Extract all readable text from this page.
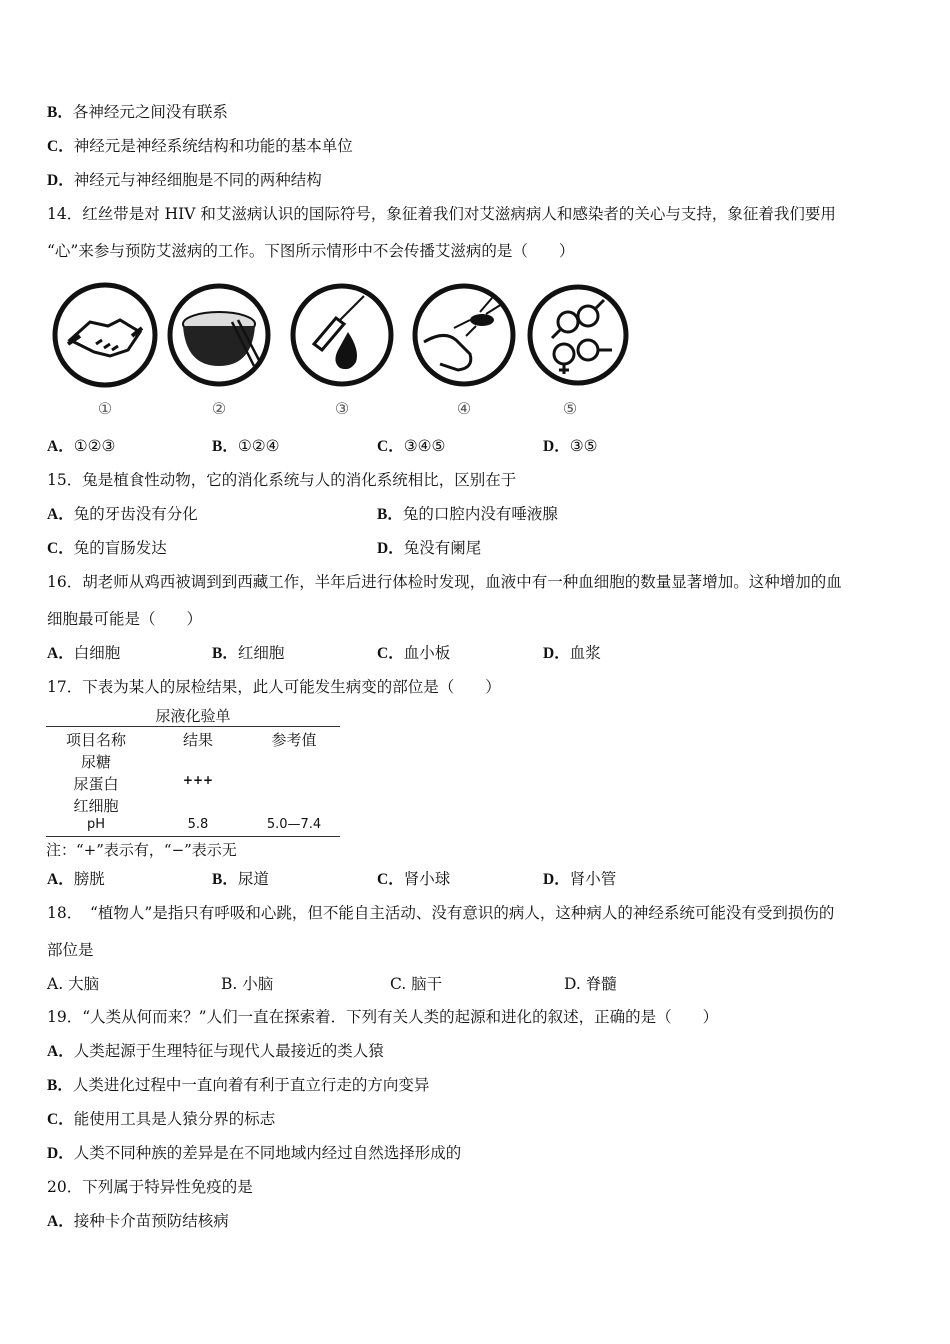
B．各神经元之间没有联系
C．神经元是神经系统结构和功能的基本单位
D．神经元与神经细胞是不同的两种结构
14．红丝带是对 HIV 和艾滋病认识的国际符号，象征着我们对艾滋病病人和感染者的关心与支持，象征着我们要用
“心”来参与预防艾滋病的工作。下图所示情形中不会传播艾滋病的是（　　）
①	②	③	④	⑤
A．①②③	B．①②④	C．③④⑤	D．③⑤
15．兔是植食性动物，它的消化系统与人的消化系统相比，区别在于
A．兔的牙齿没有分化	B．兔的口腔内没有唾液腺
C．兔的盲肠发达	D．兔没有阑尾
16．胡老师从鸡西被调到到西藏工作，半年后进行体检时发现，血液中有一种血细胞的数量显著增加。这种增加的血
细胞最可能是（　　）
A．白细胞	B．红细胞	C．血小板	D．血浆
17．下表为某人的尿检结果，此人可能发生病变的部位是（　　）
尿液化验单
项目名称	结果	参考值
尿糖
尿蛋白	+++
红细胞
pH	5.8	5.0—7.4
注：“+”表示有，“−”表示无
A．膀胱	B．尿道	C．肾小球	D．肾小管
18．　“植物人”是指只有呼吸和心跳，但不能自主活动、没有意识的病人，这种病人的神经系统可能没有受到损伤的
部位是
A. 大脑	B. 小脑	C. 脑干	D. 脊髓
19．“人类从何而来？”人们一直在探索着．下列有关人类的起源和进化的叙述，正确的是（　　）
A．人类起源于生理特征与现代人最接近的类人猿
B．人类进化过程中一直向着有利于直立行走的方向变异
C．能使用工具是人猿分界的标志
D．人类不同种族的差异是在不同地域内经过自然选择形成的
20．下列属于特异性免疫的是
A．接种卡介苗预防结核病
